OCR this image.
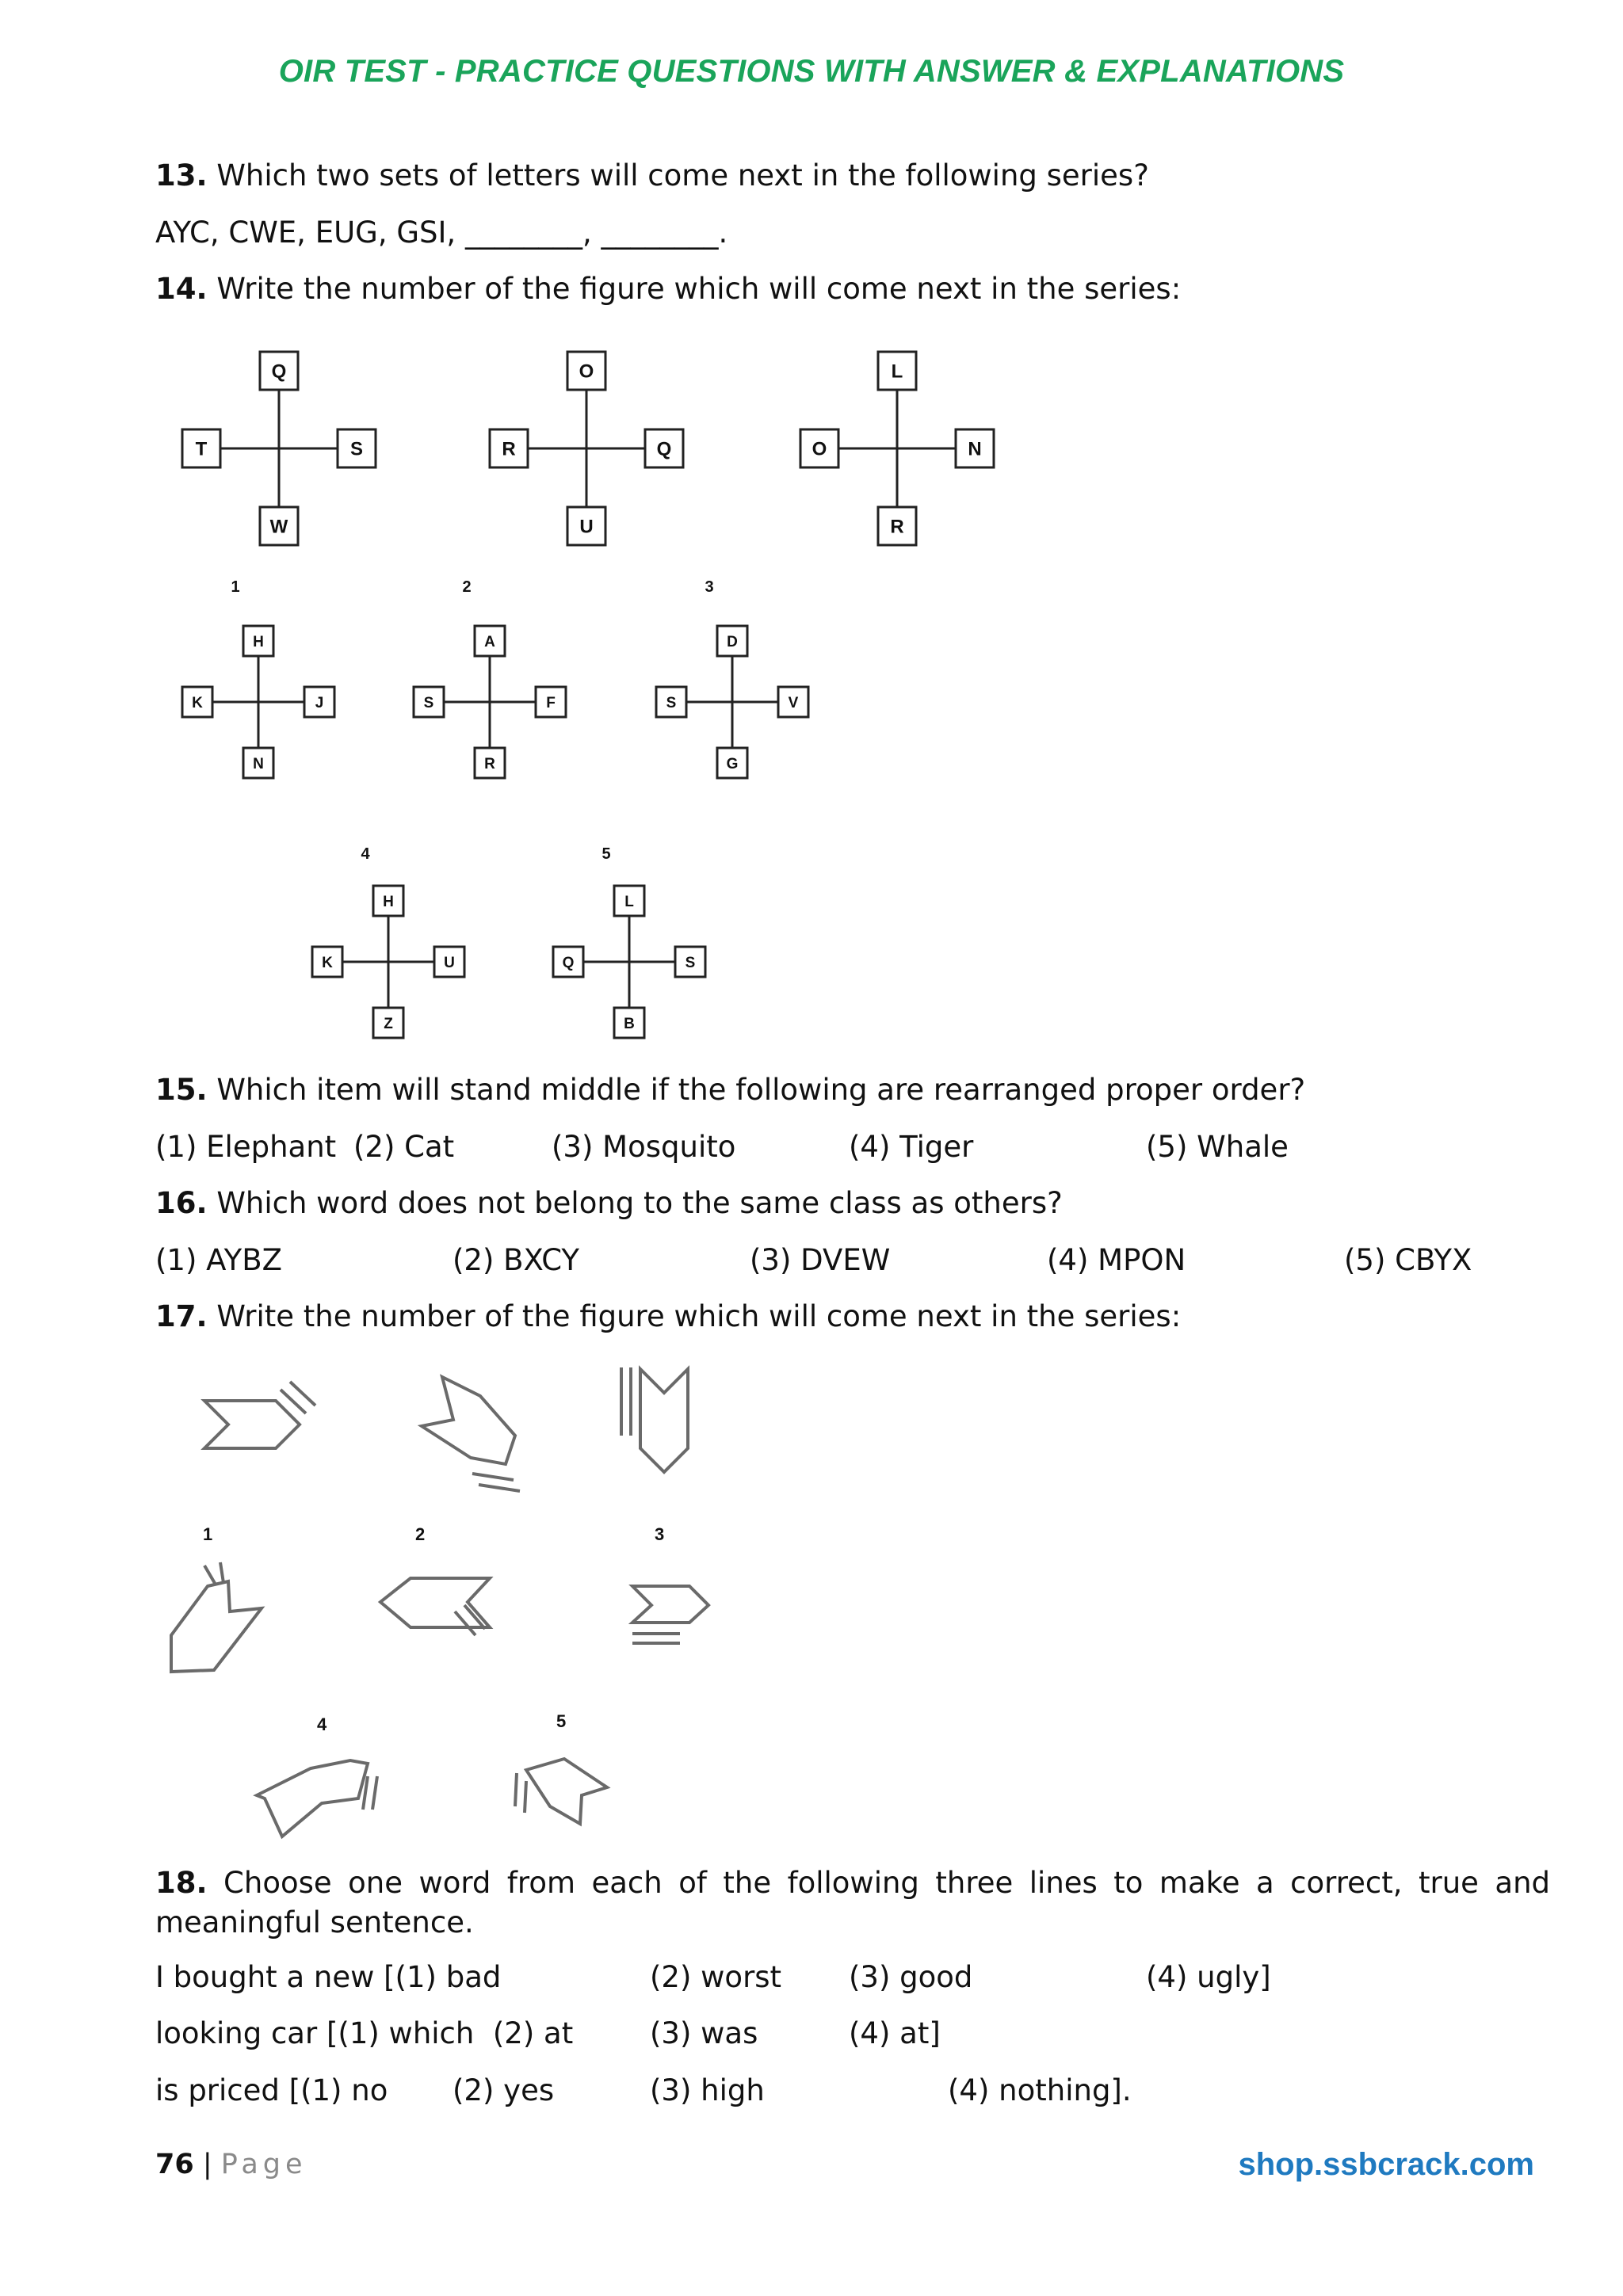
OIR TEST - PRACTICE QUESTIONS WITH ANSWER & EXPLANATIONS
13. Which two sets of letters will come next in the following series?
AYC, CWE, EUG, GSI, ________, ________.
14. Write the number of the figure which will come next in the series:
Q
T	S
W
O
R	Q
U
L
O	N
R
H
K	J
N
1
A
S	F
R
2
D
S	V
G
3
H
K	U
Z
4
L
Q	S
B
5
15. Which item will stand middle if the following are rearranged proper order?
(1) Elephant (2) Cat	(3) Mosquito	(4) Tiger	(5) Whale
16. Which word does not belong to the same class as others?
(1) AYBZ	(2) BXCY	(3) DVEW	(4) MPON	(5) CBYX
17. Write the number of the figure which will come next in the series:
1	2	3
4	5
18. Choose one word from each of the following three lines to make a correct, true and meaningful sentence.
I bought a new [(1) bad	(2) worst (3) good	(4) ugly]
looking car [(1) which  (2) at	(3) was	(4) at]
is priced [(1) no (2) yes	(3) high	(4) nothing].
76 | Page	shop.ssbcrack.com
